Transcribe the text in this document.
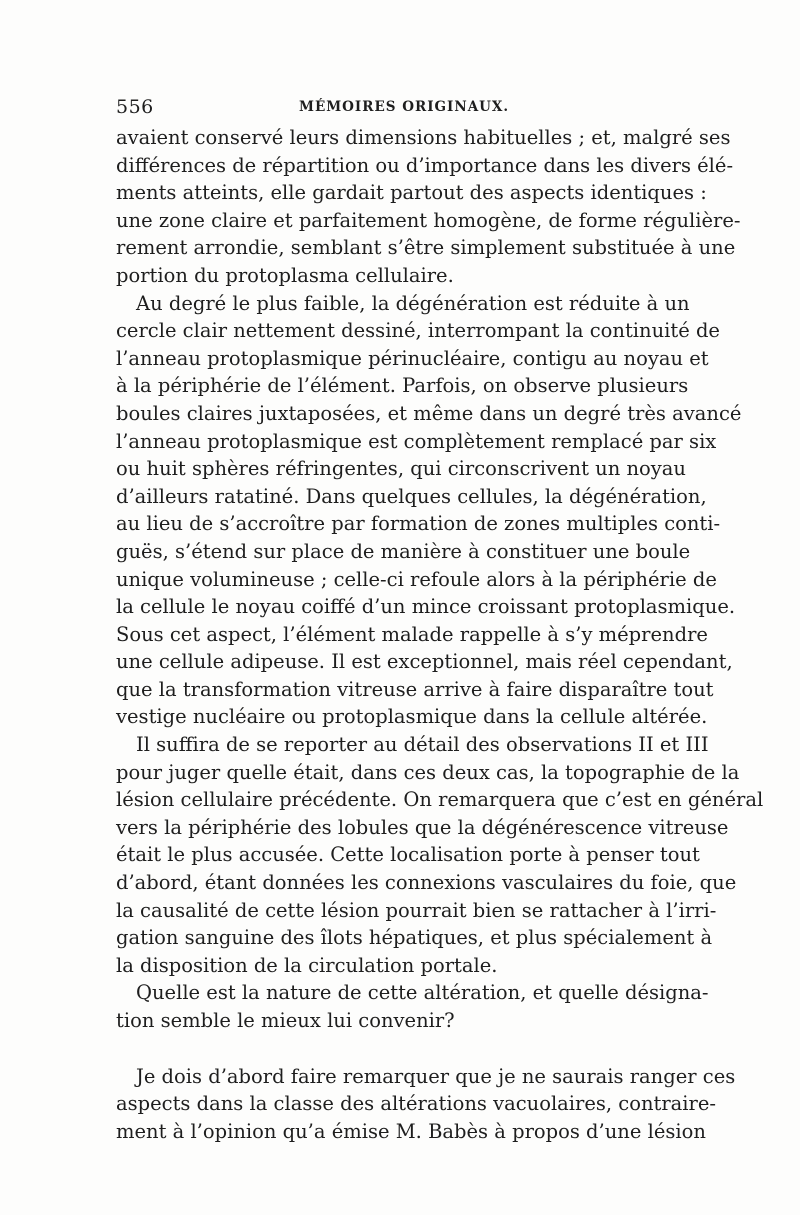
556	MÉMOIRES ORIGINAUX.
avaient conservé leurs dimensions habituelles ; et, malgré ses
différences de répartition ou d’importance dans les divers élé-
ments atteints, elle gardait partout des aspects identiques :
une zone claire et parfaitement homogène, de forme régulière-
rement arrondie, semblant s’être simplement substituée à une
portion du protoplasma cellulaire.
Au degré le plus faible, la dégénération est réduite à un
cercle clair nettement dessiné, interrompant la continuité de
l’anneau protoplasmique périnucléaire, contigu au noyau et
à la périphérie de l’élément. Parfois, on observe plusieurs
boules claires juxtaposées, et même dans un degré très avancé
l’anneau protoplasmique est complètement remplacé par six
ou huit sphères réfringentes, qui circonscrivent un noyau
d’ailleurs ratatiné. Dans quelques cellules, la dégénération,
au lieu de s’accroître par formation de zones multiples conti-
guës, s’étend sur place de manière à constituer une boule
unique volumineuse ; celle-ci refoule alors à la périphérie de
la cellule le noyau coiffé d’un mince croissant protoplasmique.
Sous cet aspect, l’élément malade rappelle à s’y méprendre
une cellule adipeuse. Il est exceptionnel, mais réel cependant,
que la transformation vitreuse arrive à faire disparaître tout
vestige nucléaire ou protoplasmique dans la cellule altérée.
Il suffira de se reporter au détail des observations II et III
pour juger quelle était, dans ces deux cas, la topographie de la
lésion cellulaire précédente. On remarquera que c’est en général
vers la périphérie des lobules que la dégénérescence vitreuse
était le plus accusée. Cette localisation porte à penser tout
d’abord, étant données les connexions vasculaires du foie, que
la causalité de cette lésion pourrait bien se rattacher à l’irri-
gation sanguine des îlots hépatiques, et plus spécialement à
la disposition de la circulation portale.
Quelle est la nature de cette altération, et quelle désigna-
tion semble le mieux lui convenir?
Je dois d’abord faire remarquer que je ne saurais ranger ces
aspects dans la classe des altérations vacuolaires, contraire-
ment à l’opinion qu’a émise M. Babès à propos d’une lésion
